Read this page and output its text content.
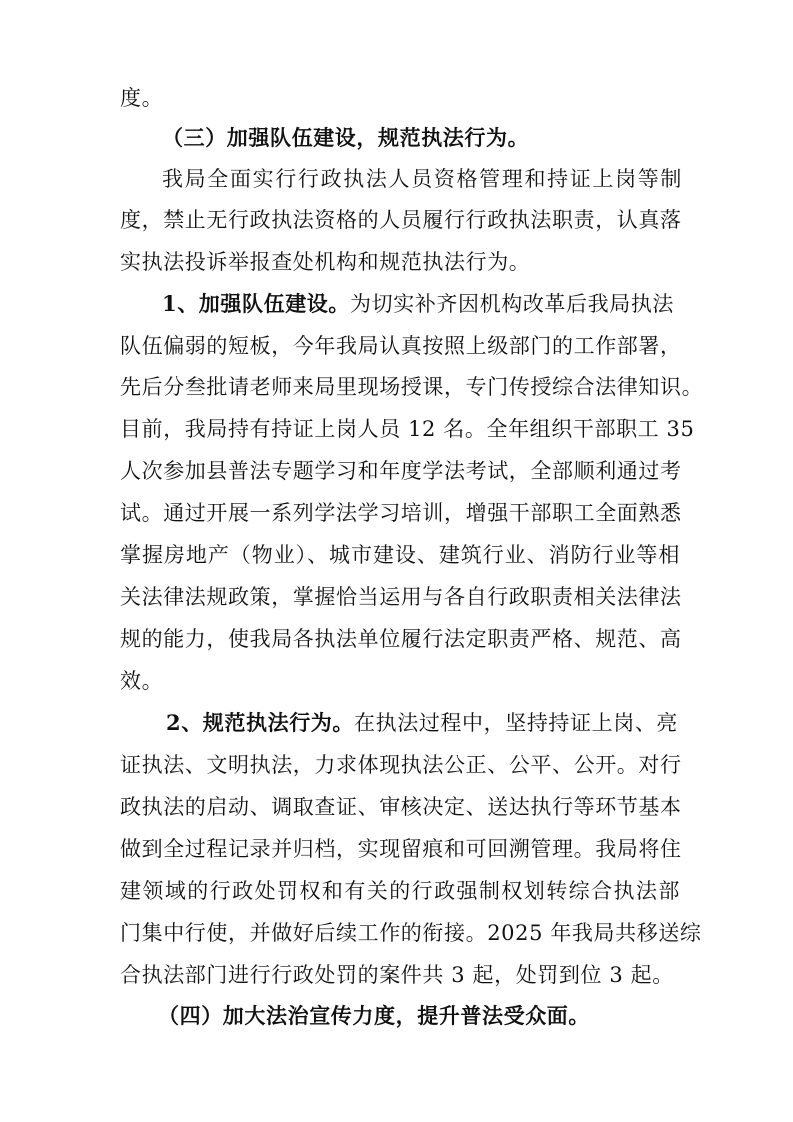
度。
（三）加强队伍建设，规范执法行为。
我局全面实行行政执法人员资格管理和持证上岗等制
度，禁止无行政执法资格的人员履行行政执法职责，认真落
实执法投诉举报查处机构和规范执法行为。
1、加强队伍建设。为切实补齐因机构改革后我局执法
队伍偏弱的短板，今年我局认真按照上级部门的工作部署，
先后分叁批请老师来局里现场授课，专门传授综合法律知识。
目前，我局持有持证上岗人员 12 名。全年组织干部职工 35
人次参加县普法专题学习和年度学法考试，全部顺利通过考
试。通过开展一系列学法学习培训，增强干部职工全面熟悉
掌握房地产（物业）、城市建设、建筑行业、消防行业等相
关法律法规政策，掌握恰当运用与各自行政职责相关法律法
规的能力，使我局各执法单位履行法定职责严格、规范、高
效。
2、规范执法行为。在执法过程中，坚持持证上岗、亮
证执法、文明执法，力求体现执法公正、公平、公开。对行
政执法的启动、调取查证、审核决定、送达执行等环节基本
做到全过程记录并归档，实现留痕和可回溯管理。我局将住
建领域的行政处罚权和有关的行政强制权划转综合执法部
门集中行使，并做好后续工作的衔接。2025 年我局共移送综
合执法部门进行行政处罚的案件共 3 起，处罚到位 3 起。
（四）加大法治宣传力度，提升普法受众面。
